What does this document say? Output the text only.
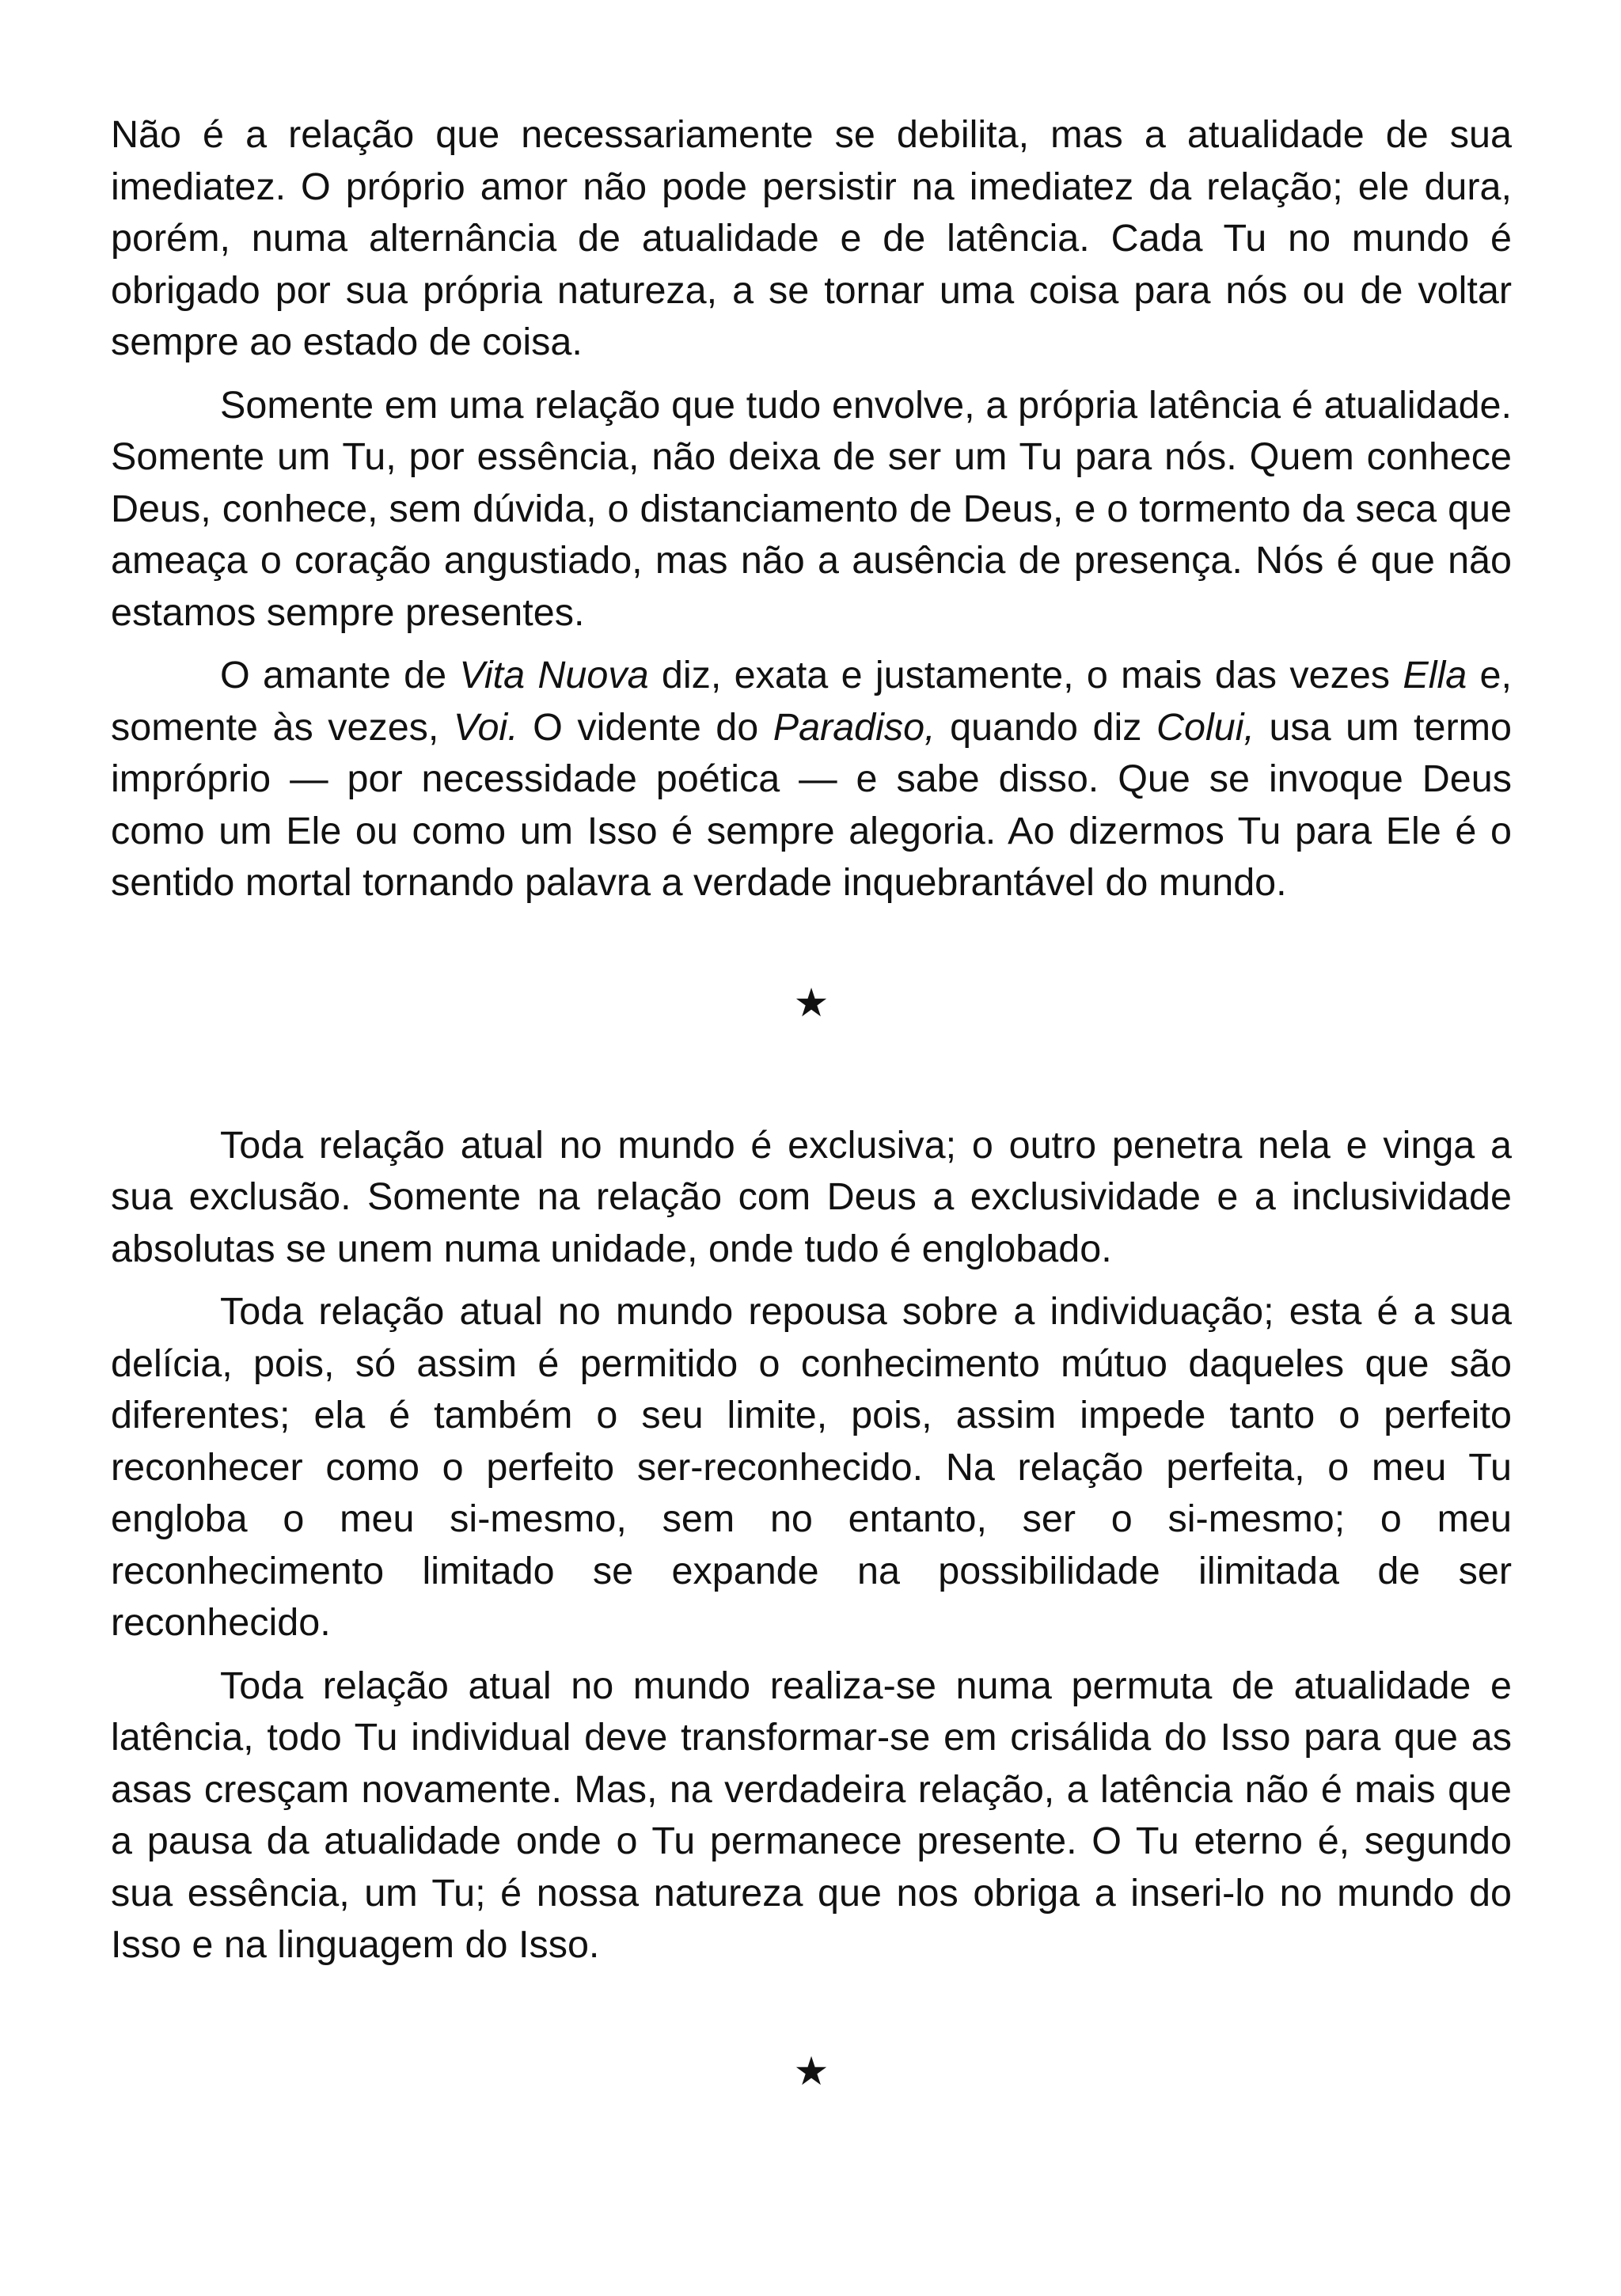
Não é a relação que necessariamente se debilita, mas a atualidade de sua imediatez. O próprio amor não pode persistir na imediatez da relação; ele dura, porém, numa alternância de atualidade e de latência. Cada Tu no mundo é obrigado por sua própria natureza, a se tornar uma coisa para nós ou de voltar sempre ao estado de coisa.

Somente em uma relação que tudo envolve, a própria latência é atualidade. Somente um Tu, por essência, não deixa de ser um Tu para nós. Quem conhece Deus, conhece, sem dúvida, o distanciamento de Deus, e o tormento da seca que ameaça o coração angustiado, mas não a ausência de presença. Nós é que não estamos sempre presentes.

O amante de Vita Nuova diz, exata e justamente, o mais das vezes Ella e, somente às vezes, Voi. O vidente do Paradiso, quando diz Colui, usa um termo impróprio — por necessidade poética — e sabe disso. Que se invoque Deus como um Ele ou como um Isso é sempre alegoria. Ao dizermos Tu para Ele é o sentido mortal tornando palavra a verdade inquebrantável do mundo.

★

Toda relação atual no mundo é exclusiva; o outro penetra nela e vinga a sua exclusão. Somente na relação com Deus a exclusividade e a inclusividade absolutas se unem numa unidade, onde tudo é englobado.

Toda relação atual no mundo repousa sobre a individuação; esta é a sua delícia, pois, só assim é permitido o conhecimento mútuo daqueles que são diferentes; ela é também o seu limite, pois, assim impede tanto o perfeito reconhecer como o perfeito ser-reconhecido. Na relação perfeita, o meu Tu engloba o meu si-mesmo, sem no entanto, ser o si-mesmo; o meu reconhecimento limitado se expande na possibilidade ilimitada de ser reconhecido.

Toda relação atual no mundo realiza-se numa permuta de atualidade e latência, todo Tu individual deve transformar-se em crisálida do Isso para que as asas cresçam novamente. Mas, na verdadeira relação, a latência não é mais que a pausa da atualidade onde o Tu permanece presente. O Tu eterno é, segundo sua essência, um Tu; é nossa natureza que nos obriga a inseri-lo no mundo do Isso e na linguagem do Isso.

★
